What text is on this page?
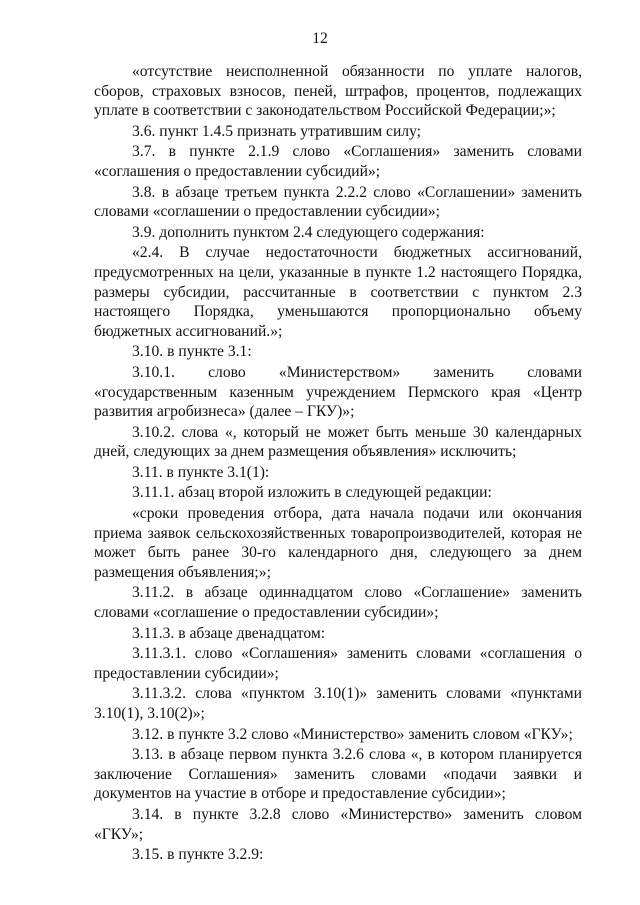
12

«отсутствие неисполненной обязанности по уплате налогов, сборов, страховых взносов, пеней, штрафов, процентов, подлежащих уплате в соответствии с законодательством Российской Федерации;»;

3.6. пункт 1.4.5 признать утратившим силу;

3.7. в пункте 2.1.9 слово «Соглашения» заменить словами «соглашения о предоставлении субсидий»;

3.8. в абзаце третьем пункта 2.2.2 слово «Соглашении» заменить словами «соглашении о предоставлении субсидии»;

3.9. дополнить пунктом 2.4 следующего содержания:

«2.4. В случае недостаточности бюджетных ассигнований, предусмотренных на цели, указанные в пункте 1.2 настоящего Порядка, размеры субсидии, рассчитанные в соответствии с пунктом 2.3 настоящего Порядка, уменьшаются пропорционально объему бюджетных ассигнований.»;

3.10. в пункте 3.1:

3.10.1. слово «Министерством» заменить словами «государственным казенным учреждением Пермского края «Центр развития агробизнеса» (далее – ГКУ)»;

3.10.2. слова «, который не может быть меньше 30 календарных дней, следующих за днем размещения объявления» исключить;

3.11. в пункте 3.1(1):

3.11.1. абзац второй изложить в следующей редакции:

«сроки проведения отбора, дата начала подачи или окончания приема заявок сельскохозяйственных товаропроизводителей, которая не может быть ранее 30-го календарного дня, следующего за днем размещения объявления;»;

3.11.2. в абзаце одиннадцатом слово «Соглашение» заменить словами «соглашение о предоставлении субсидии»;

3.11.3. в абзаце двенадцатом:

3.11.3.1. слово «Соглашения» заменить словами «соглашения о предоставлении субсидии»;

3.11.3.2. слова «пунктом 3.10(1)» заменить словами «пунктами 3.10(1), 3.10(2)»;

3.12. в пункте 3.2 слово «Министерство» заменить словом «ГКУ»;

3.13. в абзаце первом пункта 3.2.6 слова «, в котором планируется заключение Соглашения» заменить словами «подачи заявки и документов на участие в отборе и предоставление субсидии»;

3.14. в пункте 3.2.8 слово «Министерство» заменить словом «ГКУ»;

3.15. в пункте 3.2.9:
